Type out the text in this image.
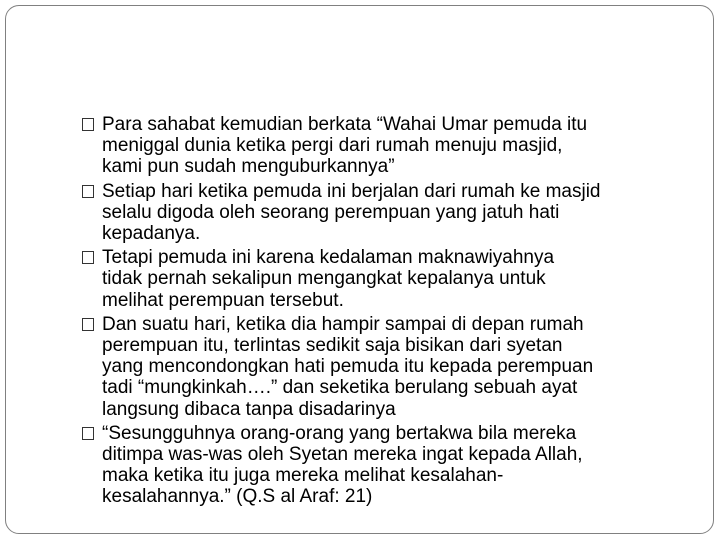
Para sahabat kemudian berkata “Wahai Umar pemuda itu
meniggal dunia ketika pergi dari rumah menuju masjid,
kami pun sudah menguburkannya”
Setiap hari ketika pemuda ini berjalan dari rumah ke masjid
selalu digoda oleh seorang perempuan yang jatuh hati
kepadanya.
Tetapi pemuda ini karena kedalaman maknawiyahnya
tidak pernah sekalipun mengangkat kepalanya untuk
melihat perempuan tersebut.
Dan suatu hari, ketika dia hampir sampai di depan rumah
perempuan itu, terlintas sedikit saja bisikan dari syetan
yang mencondongkan hati pemuda itu kepada perempuan
tadi “mungkinkah….” dan seketika berulang sebuah ayat
langsung dibaca tanpa disadarinya
“Sesungguhnya orang-orang yang bertakwa bila mereka
ditimpa was-was oleh Syetan mereka ingat kepada Allah,
maka ketika itu juga mereka melihat kesalahan-
kesalahannya.” (Q.S al Araf: 21)
